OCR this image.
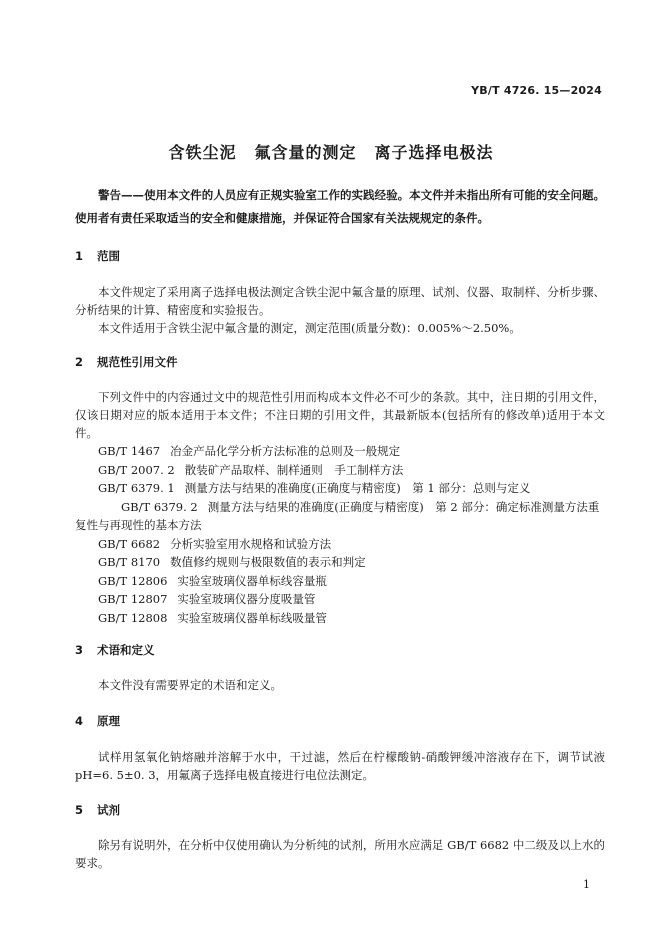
YB/T 4726. 15—2024
含铁尘泥 氟含量的测定 离子选择电极法
警告——使用本文件的人员应有正规实验室工作的实践经验。本文件并未指出所有可能的安全问题。使用者有责任采取适当的安全和健康措施，并保证符合国家有关法规规定的条件。
1 范围
本文件规定了采用离子选择电极法测定含铁尘泥中氟含量的原理、试剂、仪器、取制样、分析步骤、分析结果的计算、精密度和实验报告。
本文件适用于含铁尘泥中氟含量的测定，测定范围(质量分数)：0.005%～2.50%。
2 规范性引用文件
下列文件中的内容通过文中的规范性引用而构成本文件必不可少的条款。其中，注日期的引用文件，仅该日期对应的版本适用于本文件；不注日期的引用文件，其最新版本(包括所有的修改单)适用于本文件。
GB/T 1467 冶金产品化学分析方法标准的总则及一般规定
GB/T 2007. 2 散装矿产品取样、制样通则　手工制样方法
GB/T 6379. 1 测量方法与结果的准确度(正确度与精密度)　第 1 部分：总则与定义
GB/T 6379. 2 测量方法与结果的准确度(正确度与精密度)　第 2 部分：确定标准测量方法重复性与再现性的基本方法
GB/T 6682 分析实验室用水规格和试验方法
GB/T 8170 数值修约规则与极限数值的表示和判定
GB/T 12806 实验室玻璃仪器单标线容量瓶
GB/T 12807 实验室玻璃仪器分度吸量管
GB/T 12808 实验室玻璃仪器单标线吸量管
3 术语和定义
本文件没有需要界定的术语和定义。
4 原理
试样用氢氧化钠熔融并溶解于水中，干过滤，然后在柠檬酸钠-硝酸钾缓冲溶液存在下，调节试液 pH=6. 5±0. 3，用氟离子选择电极直接进行电位法测定。
5 试剂
除另有说明外，在分析中仅使用确认为分析纯的试剂，所用水应满足 GB/T 6682 中二级及以上水的要求。
1
